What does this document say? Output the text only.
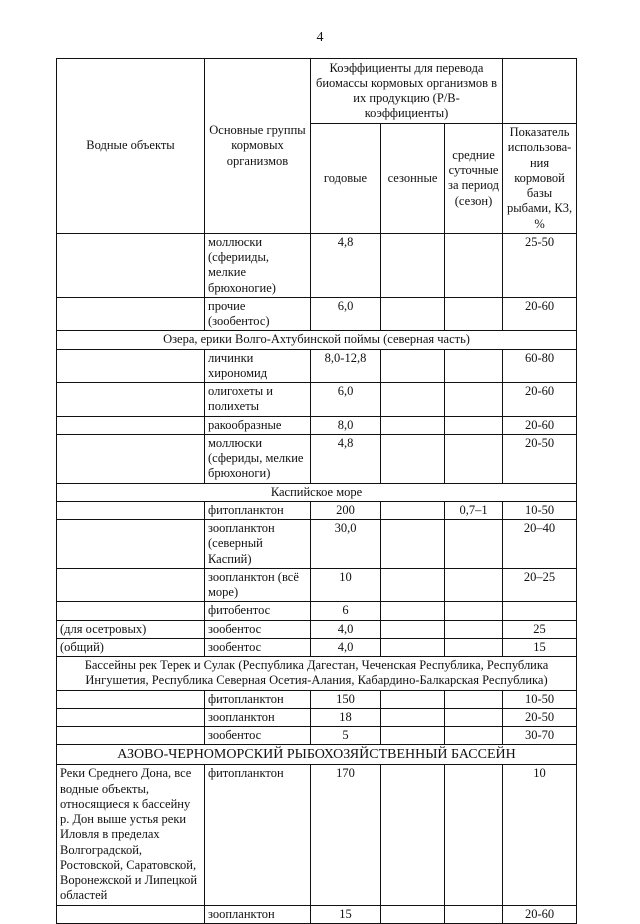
4
Водные объекты	Основные группы кормовых организмов	Коэффициенты для перевода биомассы кормовых организмов в их продукцию (P/B-коэффициенты)			
		годовые	сезонные	средние суточные за период (сезон)	Показатель использова-ния кормовой базы рыбами, К3, %
	моллюски (сферииды, мелкие брюхоногие)	4,8			25-50
	прочие (зообентос)	6,0			20-60
Озера, ерики Волго-Ахтубинской поймы (северная часть)					
	личинки хирономид	8,0-12,8			60-80
	олигохеты и полихеты	6,0			20-60
	ракообразные	8,0			20-60
	моллюски (сфериды, мелкие брюхоноги)	4,8			20-50
Каспийское море					
	фитопланктон	200		0,7–1	10-50
	зоопланктон (северный Каспий)	30,0			20–40
	зоопланктон (всё море)	10			20–25
	фитобентос	6			
(для осетровых)	зообентос	4,0			25
(общий)	зообентос	4,0			15
Бассейны рек Терек и Сулак (Республика Дагестан, Чеченская Республика, Республика Ингушетия, Республика Северная Осетия-Алания, Кабардино-Балкарская Республика)					
	фитопланктон	150			10-50
	зоопланктон	18			20-50
	зообентос	5			30-70
АЗОВО-ЧЕРНОМОРСКИЙ РЫБОХОЗЯЙСТВЕННЫЙ БАССЕЙН					
Реки Среднего Дона, все водные объекты, относящиеся к бассейну р. Дон выше устья реки Иловля в пределах Волгоградской, Ростовской, Саратовской, Воронежской и Липецкой областей	фитопланктон	170			10
	зоопланктон	15			20-60
